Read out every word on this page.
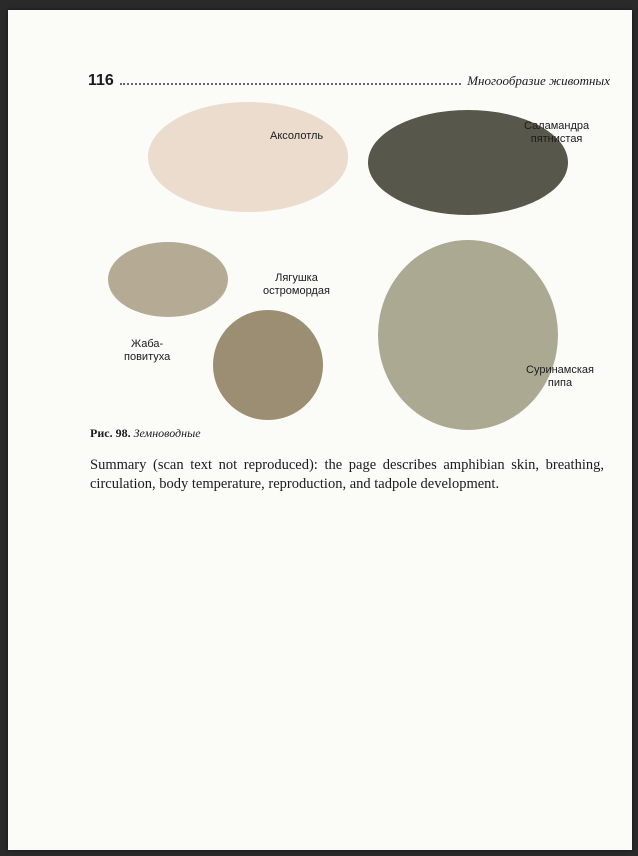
116	Многообразие животных
Аксолотль
Саламандра
пятнистая
Лягушка
остромордая
Жаба-
повитуха
Суринамская
пипа
Рис. 98. Земноводные
Summary (scan text not reproduced): the page describes amphibian skin, breathing, circulation, body temperature, reproduction, and tadpole development.
